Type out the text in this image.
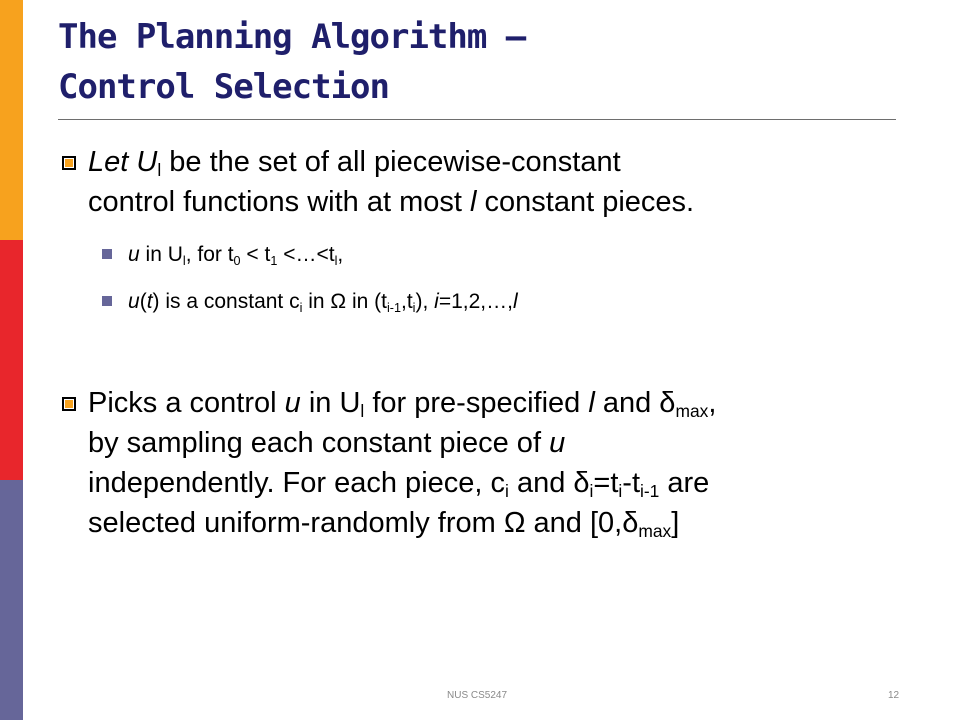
The Planning Algorithm –
Control Selection
Let $U_l$ be the set of all piecewise-constant
control functions with at most l constant pieces.
u in $U_l$, for $t_0 < t_1$ $<\dots<t_l$,
u(t) is a constant $c_i$ in Ω in $(t_{i-1},t_i)$, i=1,2,…,l
Picks a control u in $U_l$ for pre-specified l and $\delta_{max}$,
by sampling each constant piece of u
independently. For each piece, $c_i$ and $\delta_i=t_i-t_{i-1}$ are
selected uniform-randomly from Ω and $[0,\delta_{max}]$
NUS CS5247	12
